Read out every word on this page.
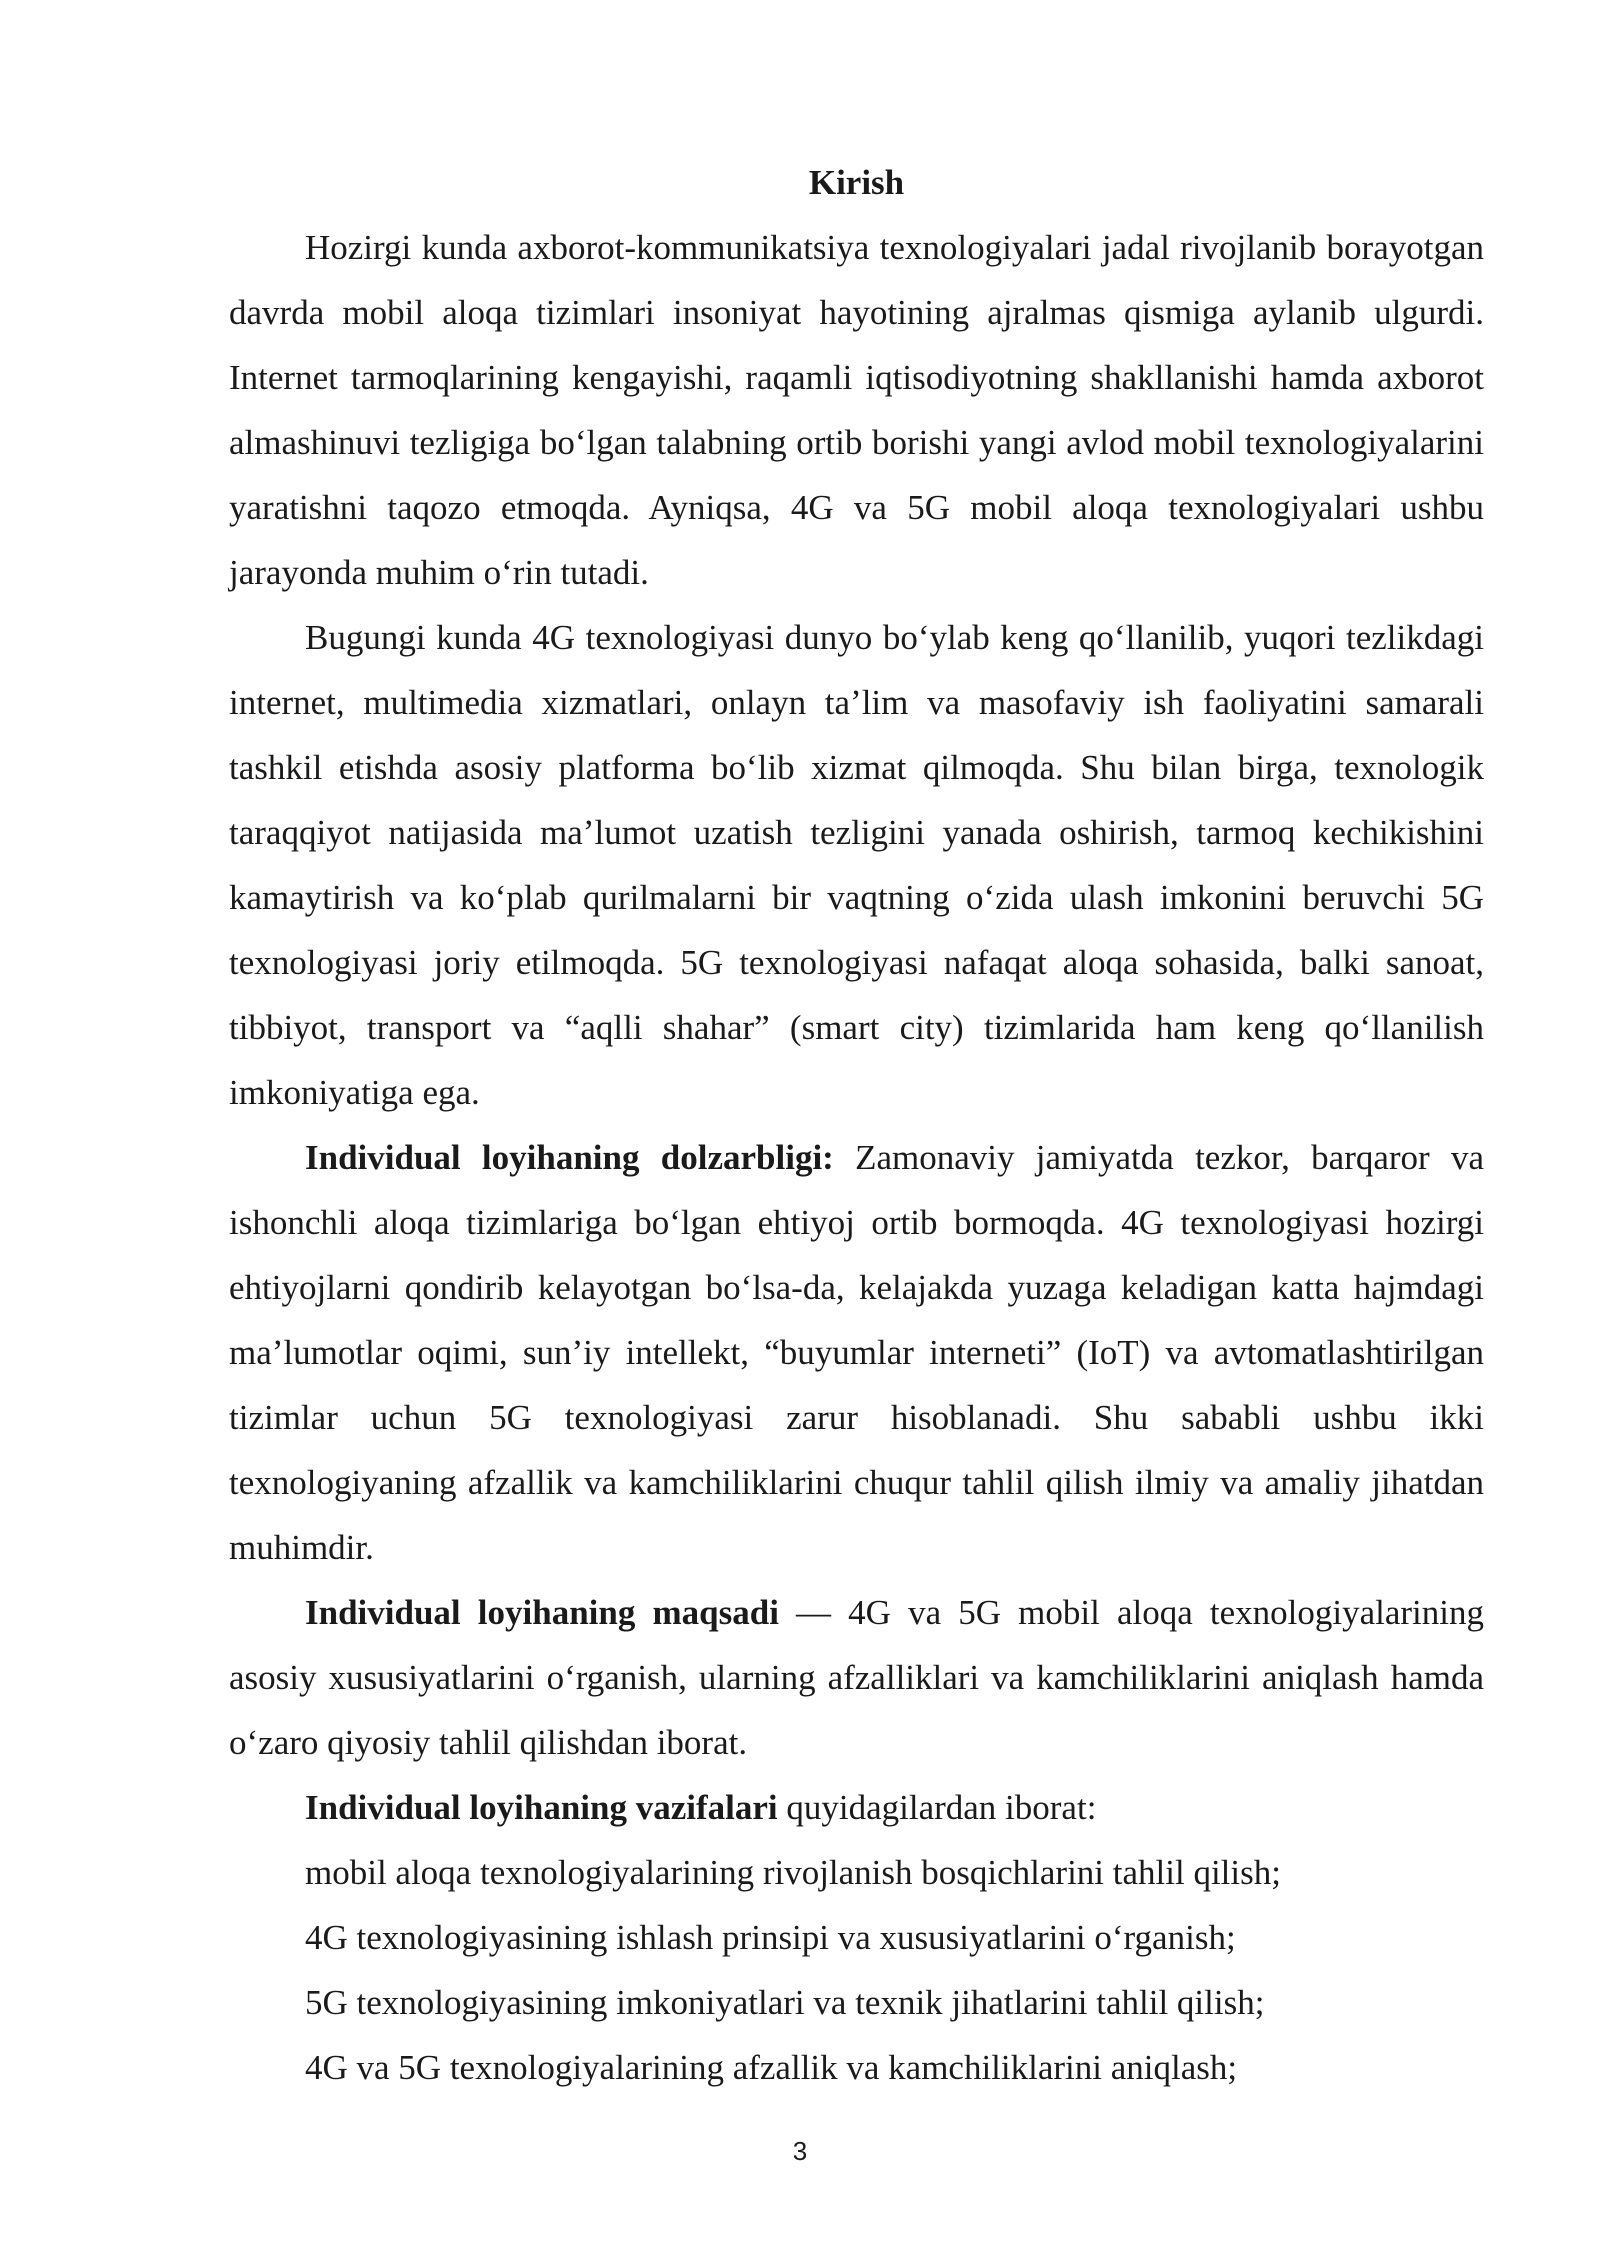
Kirish

Hozirgi kunda axborot-kommunikatsiya texnologiyalari jadal rivojlanib borayotgan davrda mobil aloqa tizimlari insoniyat hayotining ajralmas qismiga aylanib ulgurdi. Internet tarmoqlarining kengayishi, raqamli iqtisodiyotning shakllanishi hamda axborot almashinuvi tezligiga boʻlgan talabning ortib borishi yangi avlod mobil texnologiyalarini yaratishni taqozo etmoqda. Ayniqsa, 4G va 5G mobil aloqa texnologiyalari ushbu jarayonda muhim oʻrin tutadi.

Bugungi kunda 4G texnologiyasi dunyo boʻylab keng qoʻllanilib, yuqori tezlikdagi internet, multimedia xizmatlari, onlayn taʼlim va masofaviy ish faoliyatini samarali tashkil etishda asosiy platforma boʻlib xizmat qilmoqda. Shu bilan birga, texnologik taraqqiyot natijasida maʼlumot uzatish tezligini yanada oshirish, tarmoq kechikishini kamaytirish va koʻplab qurilmalarni bir vaqtning oʻzida ulash imkonini beruvchi 5G texnologiyasi joriy etilmoqda. 5G texnologiyasi nafaqat aloqa sohasida, balki sanoat, tibbiyot, transport va “aqlli shahar” (smart city) tizimlarida ham keng qoʻllanilish imkoniyatiga ega.

Individual loyihaning dolzarbligi: Zamonaviy jamiyatda tezkor, barqaror va ishonchli aloqa tizimlariga boʻlgan ehtiyoj ortib bormoqda. 4G texnologiyasi hozirgi ehtiyojlarni qondirib kelayotgan boʻlsa-da, kelajakda yuzaga keladigan katta hajmdagi maʼlumotlar oqimi, sunʼiy intellekt, “buyumlar interneti” (IoT) va avtomatlashtirilgan tizimlar uchun 5G texnologiyasi zarur hisoblanadi. Shu sababli ushbu ikki texnologiyaning afzallik va kamchiliklarini chuqur tahlil qilish ilmiy va amaliy jihatdan muhimdir.

Individual loyihaning maqsadi — 4G va 5G mobil aloqa texnologiyalarining asosiy xususiyatlarini oʻrganish, ularning afzalliklari va kamchiliklarini aniqlash hamda oʻzaro qiyosiy tahlil qilishdan iborat.

Individual loyihaning vazifalari quyidagilardan iborat:

mobil aloqa texnologiyalarining rivojlanish bosqichlarini tahlil qilish;

4G texnologiyasining ishlash prinsipi va xususiyatlarini oʻrganish;

5G texnologiyasining imkoniyatlari va texnik jihatlarini tahlil qilish;

4G va 5G texnologiyalarining afzallik va kamchiliklarini aniqlash;

3
